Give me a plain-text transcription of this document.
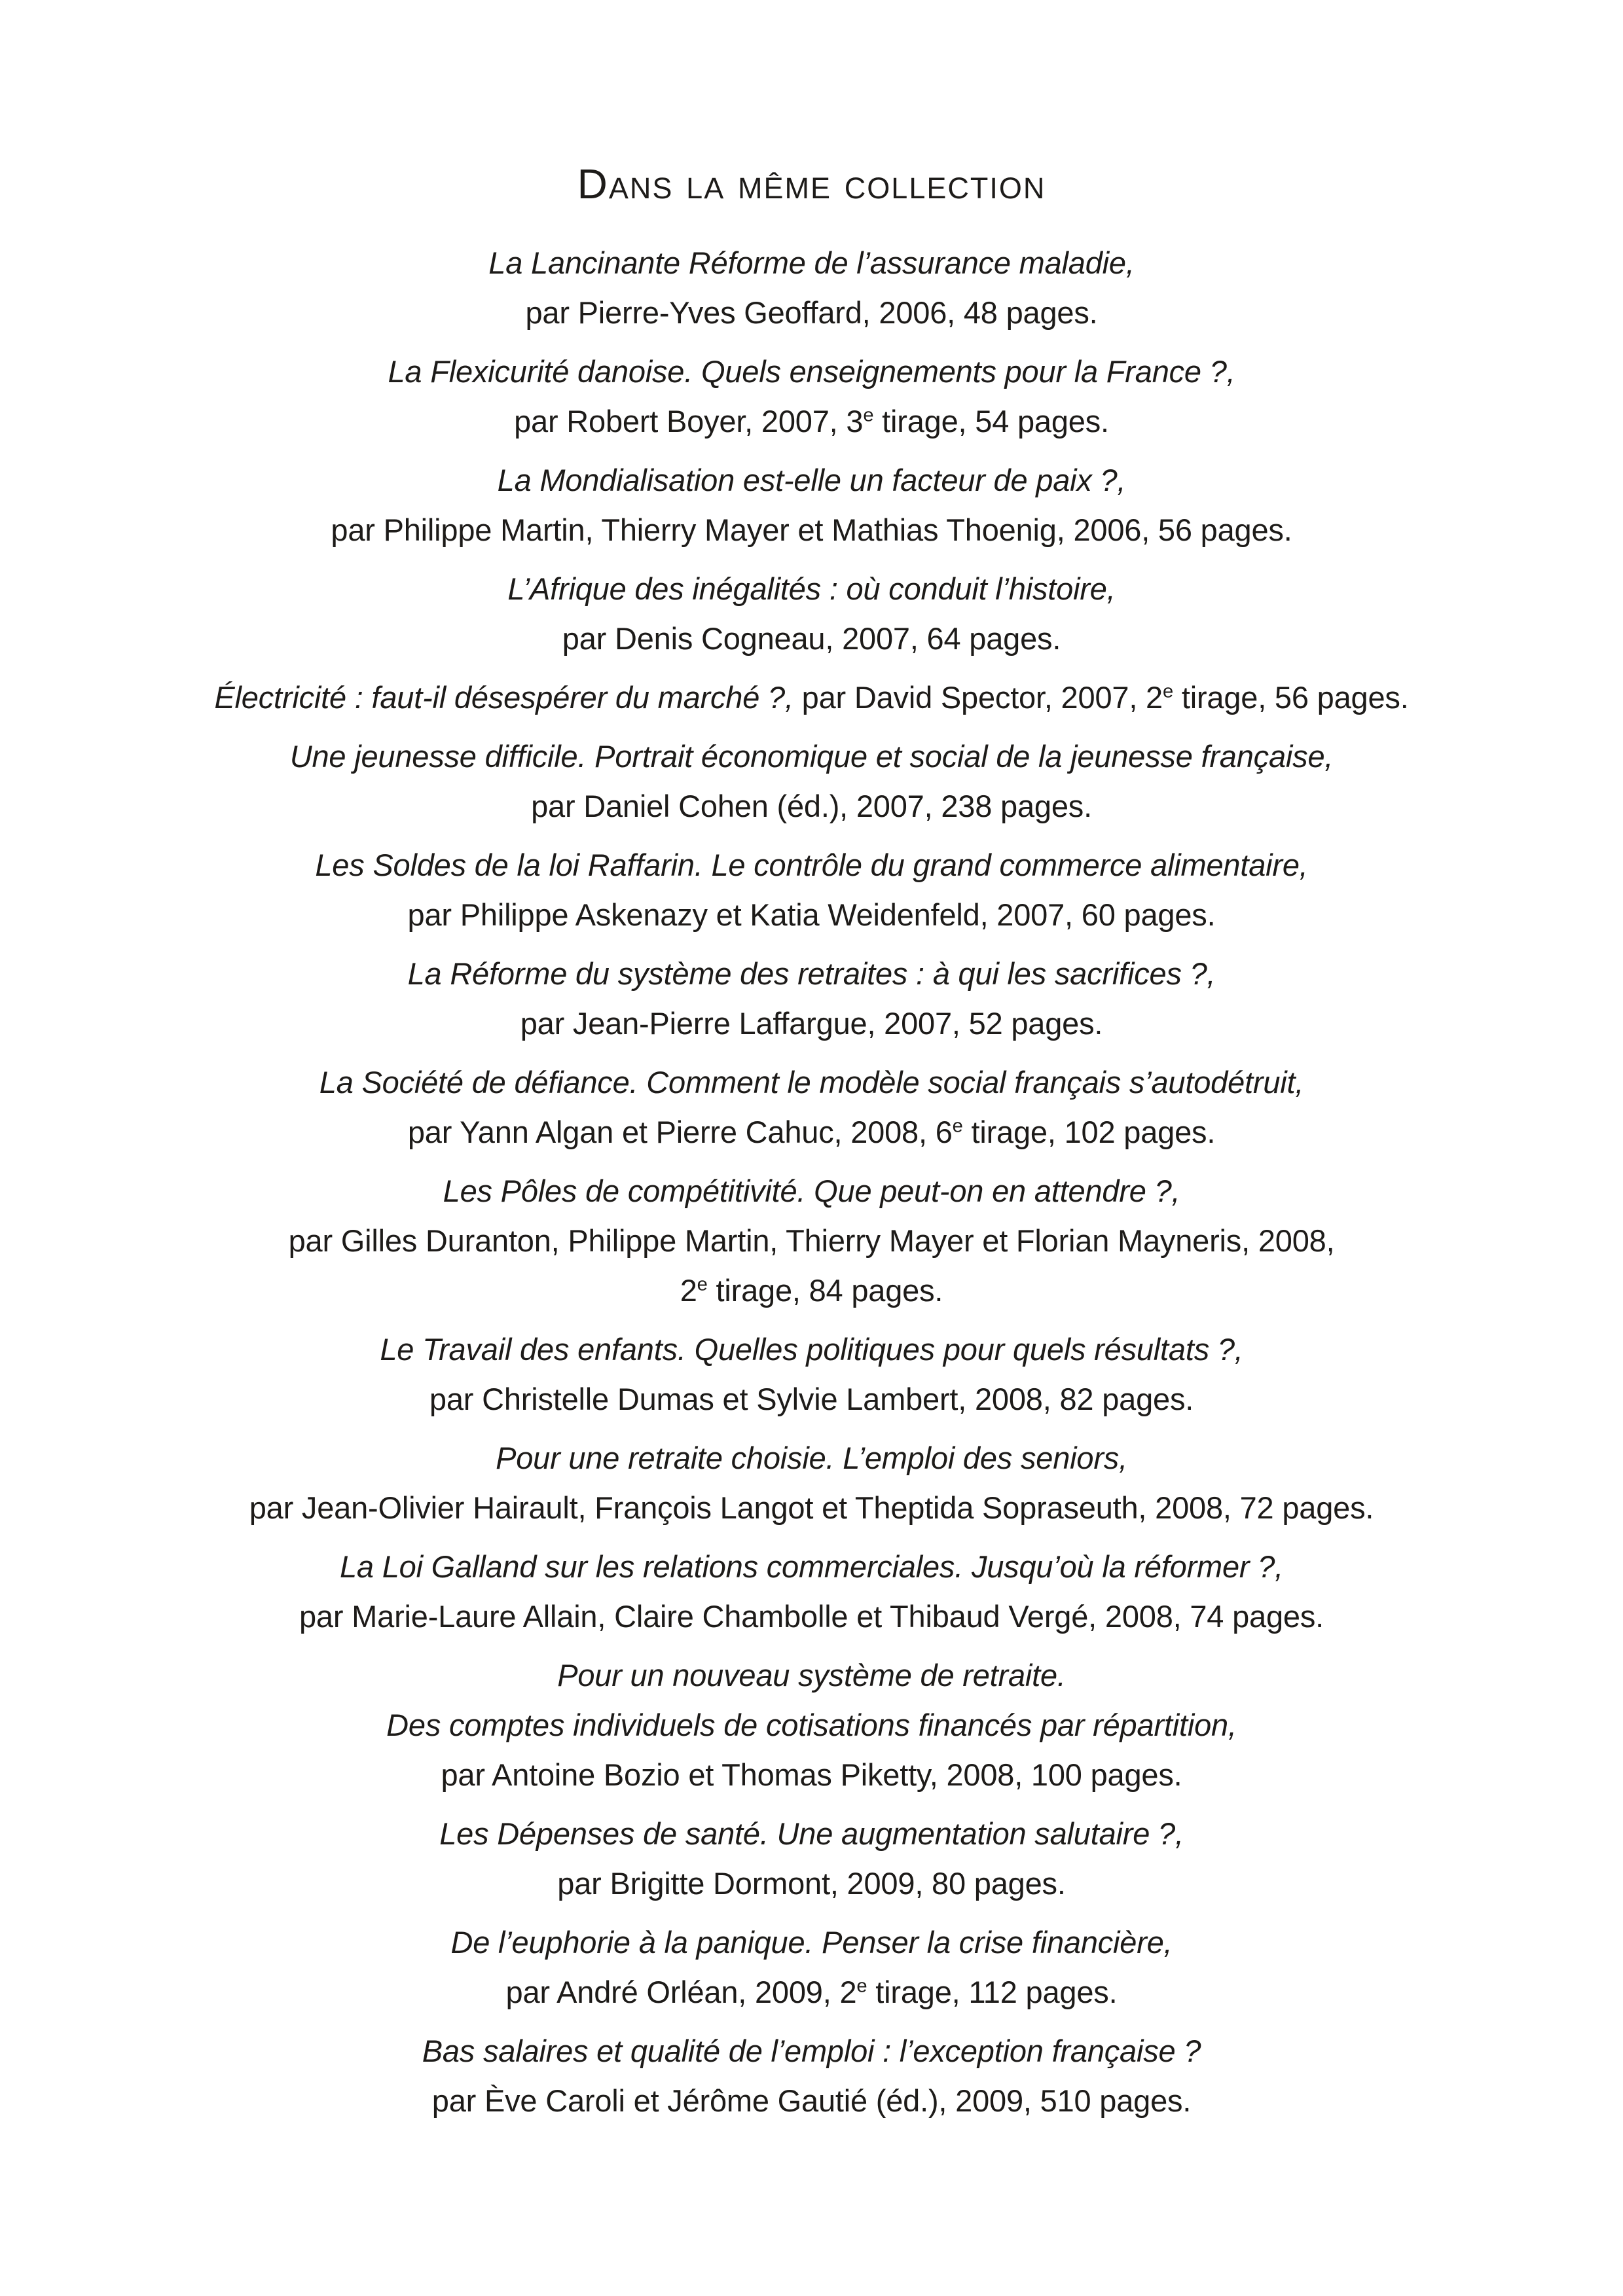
Dans la même collection
La Lancinante Réforme de l’assurance maladie,
par Pierre-Yves Geoffard, 2006, 48 pages.
La Flexicurité danoise. Quels enseignements pour la France ?,
par Robert Boyer, 2007, 3e tirage, 54 pages.
La Mondialisation est-elle un facteur de paix ?,
par Philippe Martin, Thierry Mayer et Mathias Thoenig, 2006, 56 pages.
L’Afrique des inégalités : où conduit l’histoire,
par Denis Cogneau, 2007, 64 pages.
Électricité : faut-il désespérer du marché ?, par David Spector, 2007, 2e tirage, 56 pages.
Une jeunesse difficile. Portrait économique et social de la jeunesse française,
par Daniel Cohen (éd.), 2007, 238 pages.
Les Soldes de la loi Raffarin. Le contrôle du grand commerce alimentaire,
par Philippe Askenazy et Katia Weidenfeld, 2007, 60 pages.
La Réforme du système des retraites : à qui les sacrifices ?,
par Jean-Pierre Laffargue, 2007, 52 pages.
La Société de défiance. Comment le modèle social français s’autodétruit,
par Yann Algan et Pierre Cahuc, 2008, 6e tirage, 102 pages.
Les Pôles de compétitivité. Que peut-on en attendre ?,
par Gilles Duranton, Philippe Martin, Thierry Mayer et Florian Mayneris, 2008,
2e tirage, 84 pages.
Le Travail des enfants. Quelles politiques pour quels résultats ?,
par Christelle Dumas et Sylvie Lambert, 2008, 82 pages.
Pour une retraite choisie. L’emploi des seniors,
par Jean-Olivier Hairault, François Langot et Theptida Sopraseuth, 2008, 72 pages.
La Loi Galland sur les relations commerciales. Jusqu’où la réformer ?,
par Marie-Laure Allain, Claire Chambolle et Thibaud Vergé, 2008, 74 pages.
Pour un nouveau système de retraite.
Des comptes individuels de cotisations financés par répartition,
par Antoine Bozio et Thomas Piketty, 2008, 100 pages.
Les Dépenses de santé. Une augmentation salutaire ?,
par Brigitte Dormont, 2009, 80 pages.
De l’euphorie à la panique. Penser la crise financière,
par André Orléan, 2009, 2e tirage, 112 pages.
Bas salaires et qualité de l’emploi : l’exception française ?
par Ève Caroli et Jérôme Gautié (éd.), 2009, 510 pages.
